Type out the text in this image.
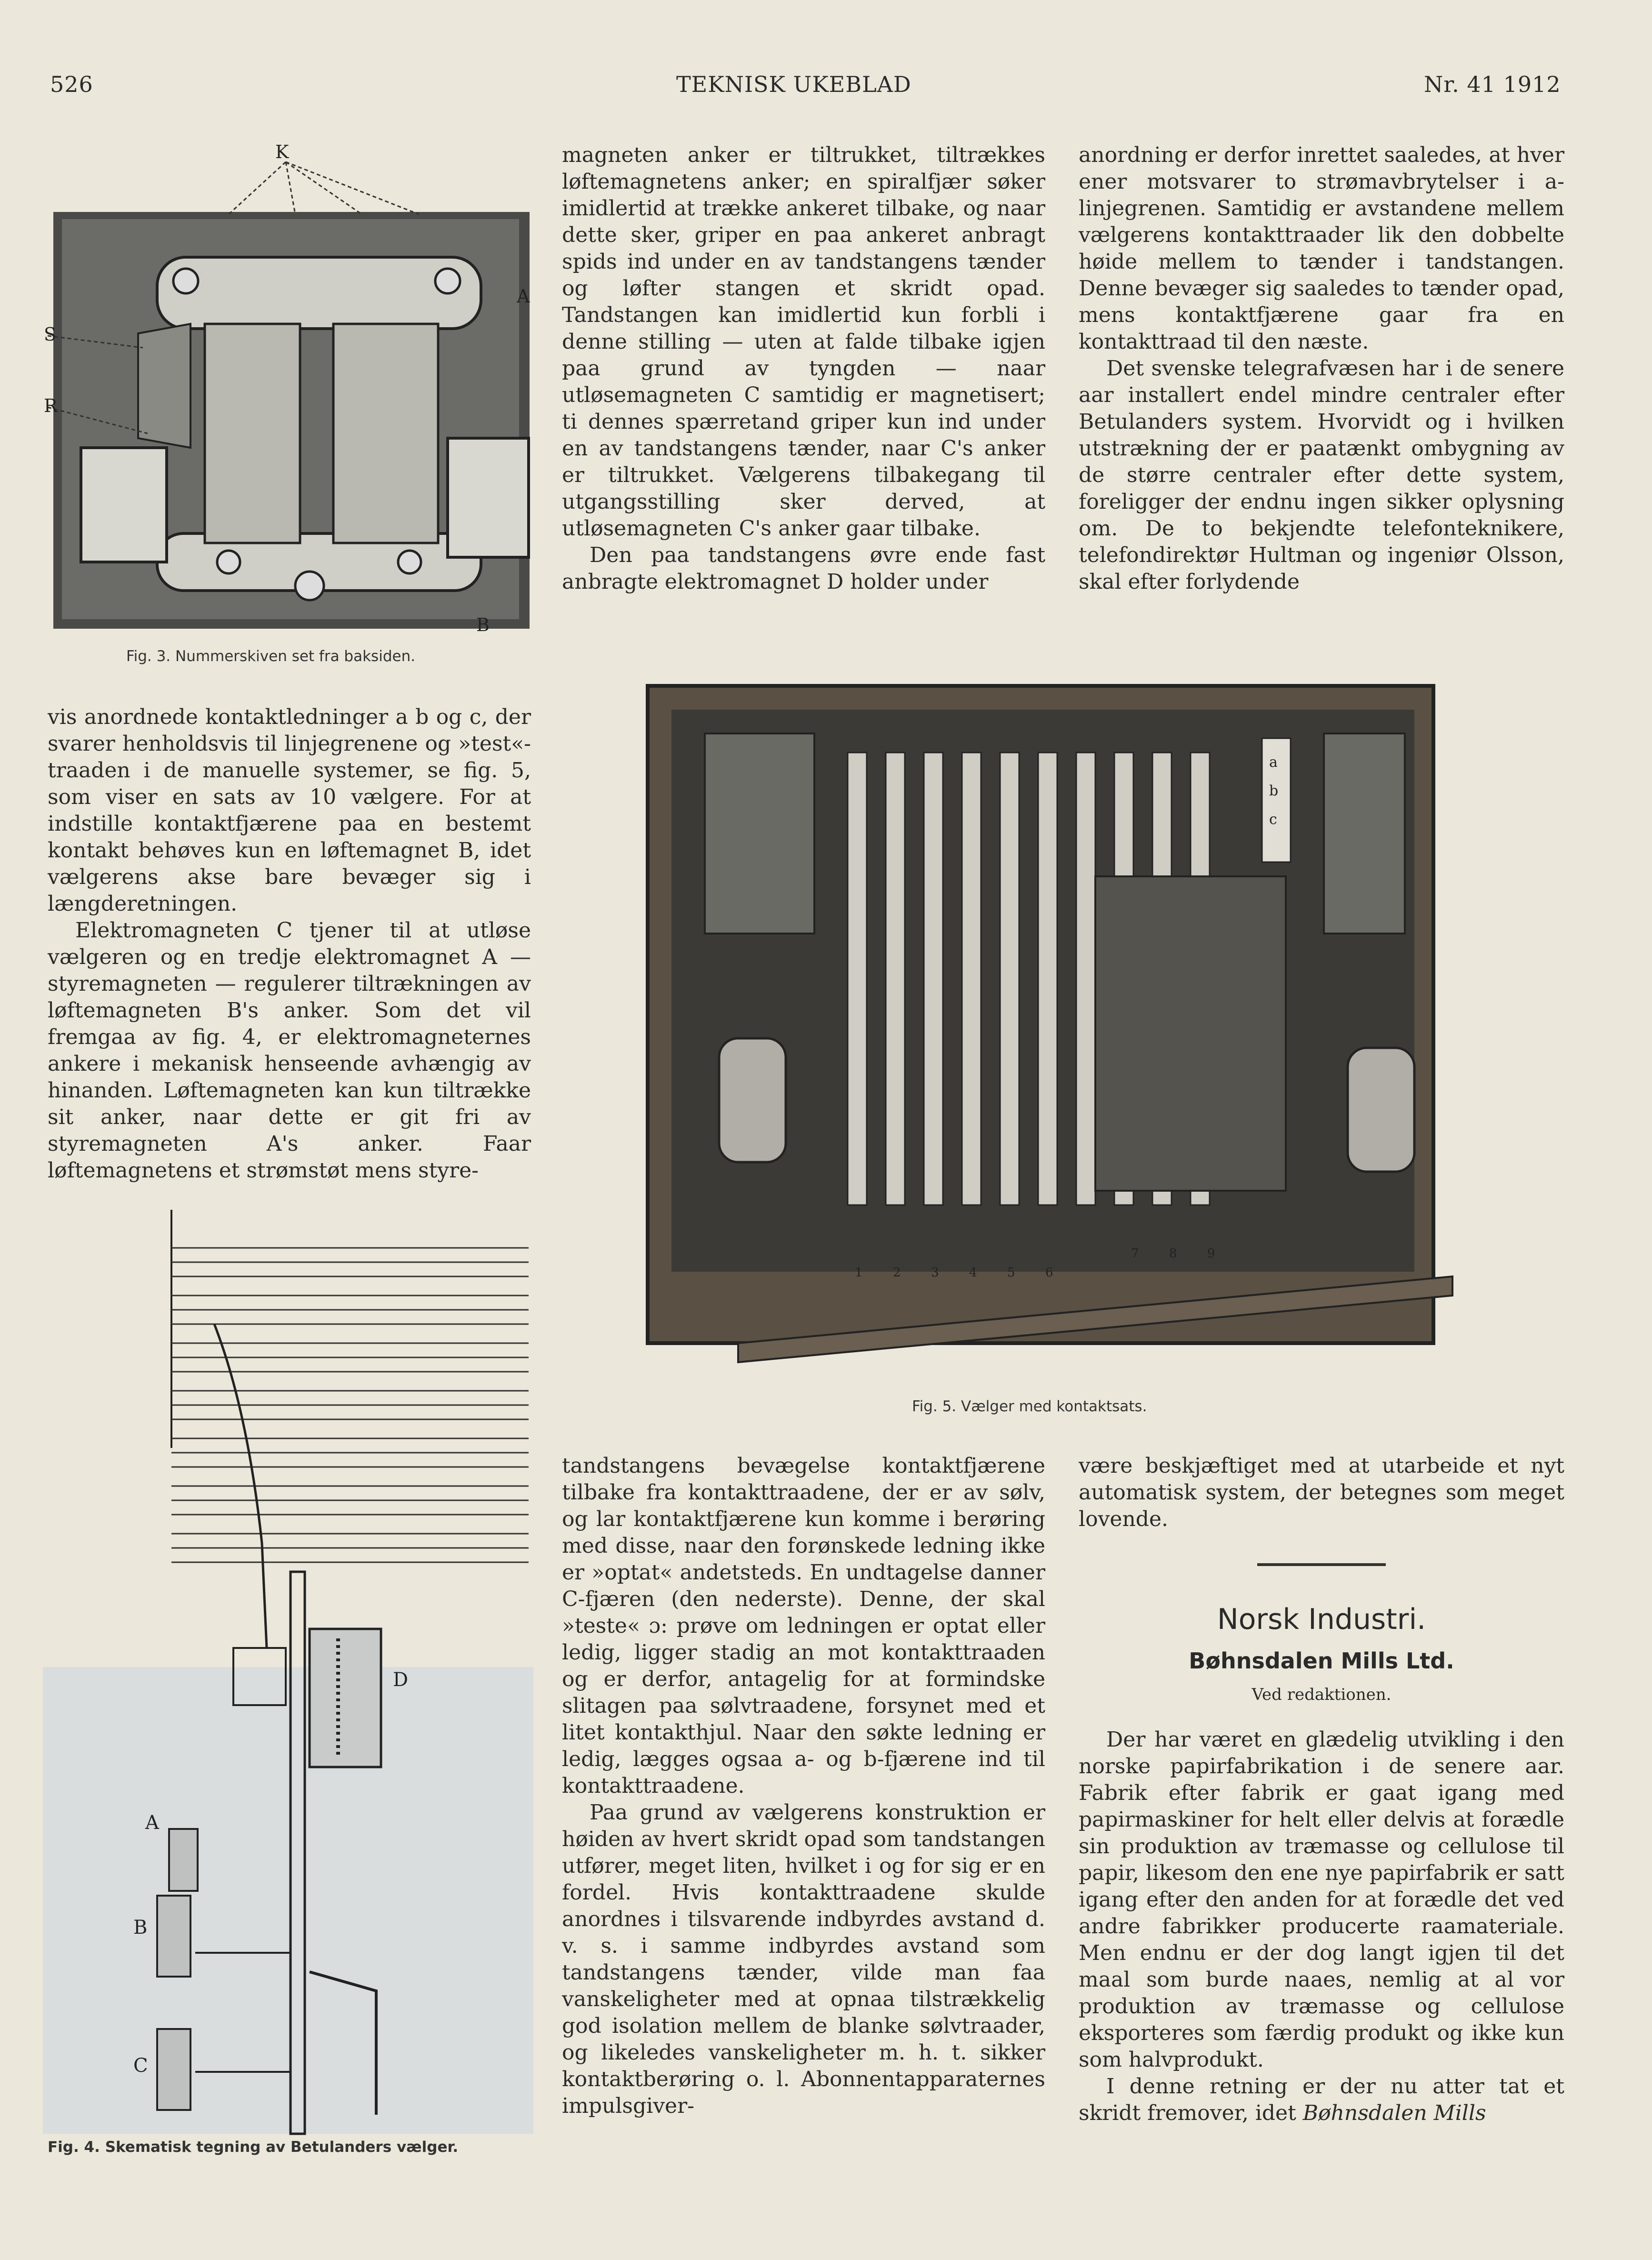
526	TEKNISK UKEBLAD	Nr. 41 1912
K
S
R
A
B
Fig. 3. Nummerskiven set fra baksiden.

vis anordnede kontaktledninger a b og c, der svarer henholdsvis til linjegrenene og »test«-traaden i de manuelle systemer, se fig. 5, som viser en sats av 10 vælgere. For at indstille kontaktfjærene paa en bestemt kontakt behøves kun en løftemagnet B, idet vælgerens akse bare bevæger sig i længderetningen.

Elektromagneten C tjener til at utløse vælgeren og en tredje elektromagnet A — styremagneten — regulerer tiltrækningen av løftemagneten B's anker. Som det vil fremgaa av fig. 4, er elektromagneternes ankere i mekanisk henseende avhængig av hinanden. Løftemagneten kan kun tiltrække sit anker, naar dette er git fri av styremagneten A's anker. Faar løftemagnetens et strømstøt mens styre-

D
A
B
C
Fig. 4. Skematisk tegning av Betulanders vælger.

magneten anker er tiltrukket, tiltrækkes løftemagnetens anker; en spiralfjær søker imidlertid at trække ankeret tilbake, og naar dette sker, griper en paa ankeret anbragt spids ind under en av tandstangens tænder og løfter stangen et skridt opad. Tandstangen kan imidlertid kun forbli i denne stilling — uten at falde tilbake igjen paa grund av tyngden — naar utløsemagneten C samtidig er magnetisert; ti dennes spærretand griper kun ind under en av tandstangens tænder, naar C's anker er tiltrukket. Vælgerens tilbakegang til utgangsstilling sker derved, at utløsemagneten C's anker gaar tilbake.

Den paa tandstangens øvre ende fast anbragte elektromagnet D holder under

anordning er derfor inrettet saaledes, at hver ener motsvarer to strømavbrytelser i a-linjegrenen. Samtidig er avstandene mellem vælgerens kontakttraader lik den dobbelte høide mellem to tænder i tandstangen. Denne bevæger sig saaledes to tænder opad, mens kontaktfjærene gaar fra en kontakttraad til den næste.

Det svenske telegrafvæsen har i de senere aar installert endel mindre centraler efter Betulanders system. Hvorvidt og i hvilken utstrækning der er paatænkt ombygning av de større centraler efter dette system, foreligger der endnu ingen sikker oplysning om. De to bekjendte telefonteknikere, telefondirektør Hultman og ingeniør Olsson, skal efter forlydende

a
b
c
1 2 3 4 5 6
7 8 9
Fig. 5. Vælger med kontaktsats.

tandstangens bevægelse kontaktfjærene tilbake fra kontakttraadene, der er av sølv, og lar kontaktfjærene kun komme i berøring med disse, naar den forønskede ledning ikke er »optat« andetsteds. En undtagelse danner C-fjæren (den nederste). Denne, der skal »teste« ɔ: prøve om ledningen er optat eller ledig, ligger stadig an mot kontakttraaden og er derfor, antagelig for at formindske slitagen paa sølvtraadene, forsynet med et litet kontakthjul. Naar den søkte ledning er ledig, lægges ogsaa a- og b-fjærene ind til kontakttraadene.

Paa grund av vælgerens konstruktion er høiden av hvert skridt opad som tandstangen utfører, meget liten, hvilket i og for sig er en fordel. Hvis kontakttraadene skulde anordnes i tilsvarende indbyrdes avstand d. v. s. i samme indbyrdes avstand som tandstangens tænder, vilde man faa vanskeligheter med at opnaa tilstrækkelig god isolation mellem de blanke sølvtraader, og likeledes vanskeligheter m. h. t. sikker kontaktberøring o. l. Abonnentapparaternes impulsgiver-

være beskjæftiget med at utarbeide et nyt automatisk system, der betegnes som meget lovende.

Norsk Industri.
Bøhnsdalen Mills Ltd.
Ved redaktionen.

Der har været en glædelig utvikling i den norske papirfabrikation i de senere aar. Fabrik efter fabrik er gaat igang med papirmaskiner for helt eller delvis at forædle sin produktion av træmasse og cellulose til papir, likesom den ene nye papirfabrik er satt igang efter den anden for at forædle det ved andre fabrikker producerte raamateriale. Men endnu er der dog langt igjen til det maal som burde naaes, nemlig at al vor produktion av træmasse og cellulose eksporteres som færdig produkt og ikke kun som halvprodukt.

I denne retning er der nu atter tat et skridt fremover, idet Bøhnsdalen Mills
